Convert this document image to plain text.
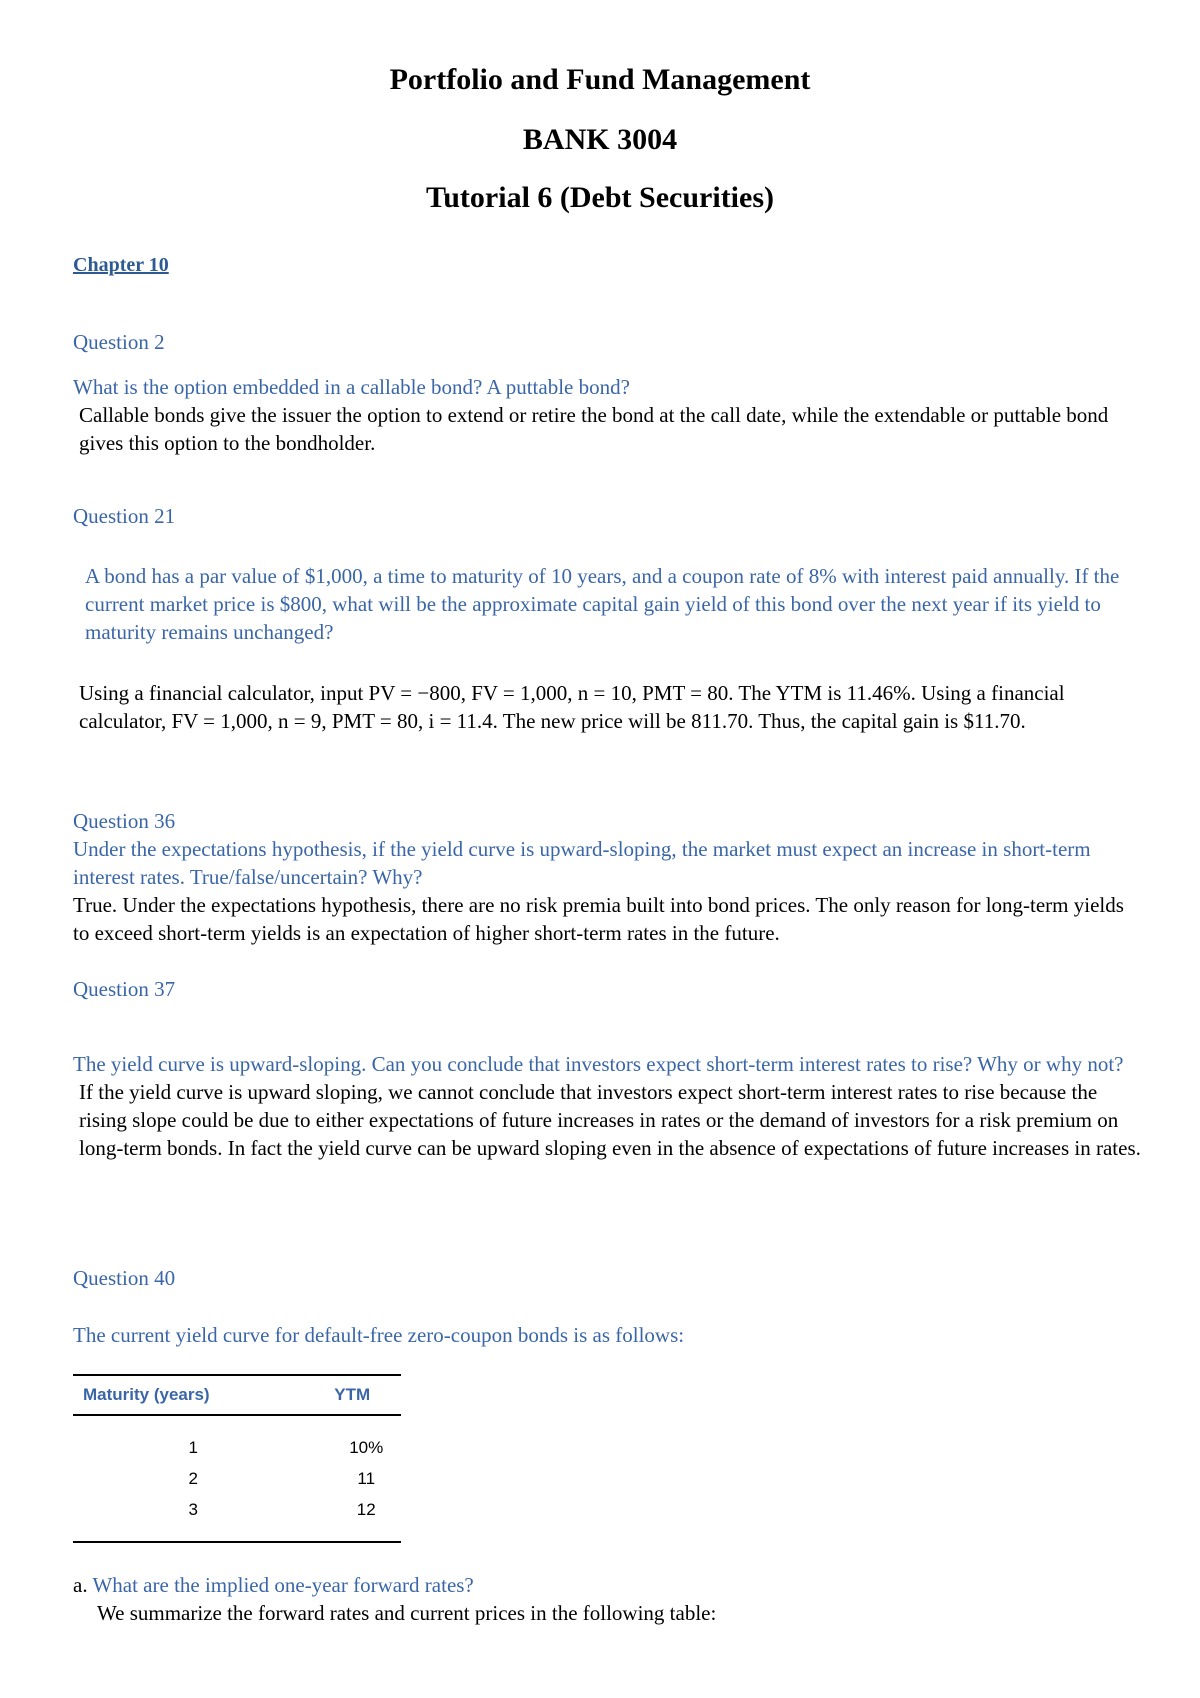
Portfolio and Fund Management
BANK 3004
Tutorial 6 (Debt Securities)
Chapter 10
Question 2

What is the option embedded in a callable bond? A puttable bond?

Callable bonds give the issuer the option to extend or retire the bond at the call date, while the extendable or puttable bond gives this option to the bondholder.

Question 21

A bond has a par value of $1,000, a time to maturity of 10 years, and a coupon rate of 8% with interest paid annually. If the current market price is $800, what will be the approximate capital gain yield of this bond over the next year if its yield to maturity remains unchanged?

Using a financial calculator, input PV = −800, FV = 1,000, n = 10, PMT = 80. The YTM is 11.46%. Using a financial calculator, FV = 1,000, n = 9, PMT = 80, i = 11.4. The new price will be 811.70. Thus, the capital gain is $11.70.

Question 36

Under the expectations hypothesis, if the yield curve is upward-sloping, the market must expect an increase in short-term interest rates. True/false/uncertain? Why?

True. Under the expectations hypothesis, there are no risk premia built into bond prices. The only reason for long-term yields to exceed short-term yields is an expectation of higher short-term rates in the future.

Question 37

The yield curve is upward-sloping. Can you conclude that investors expect short-term interest rates to rise? Why or why not?

If the yield curve is upward sloping, we cannot conclude that investors expect short-term interest rates to rise because the rising slope could be due to either expectations of future increases in rates or the demand of investors for a risk premium on long-term bonds. In fact the yield curve can be upward sloping even in the absence of expectations of future increases in rates.

Question 40
The current yield curve for default-free zero-coupon bonds is as follows:
Maturity (years)	YTM
1	10%
2	11
3	12

a. What are the implied one-year forward rates?

We summarize the forward rates and current prices in the following table:
